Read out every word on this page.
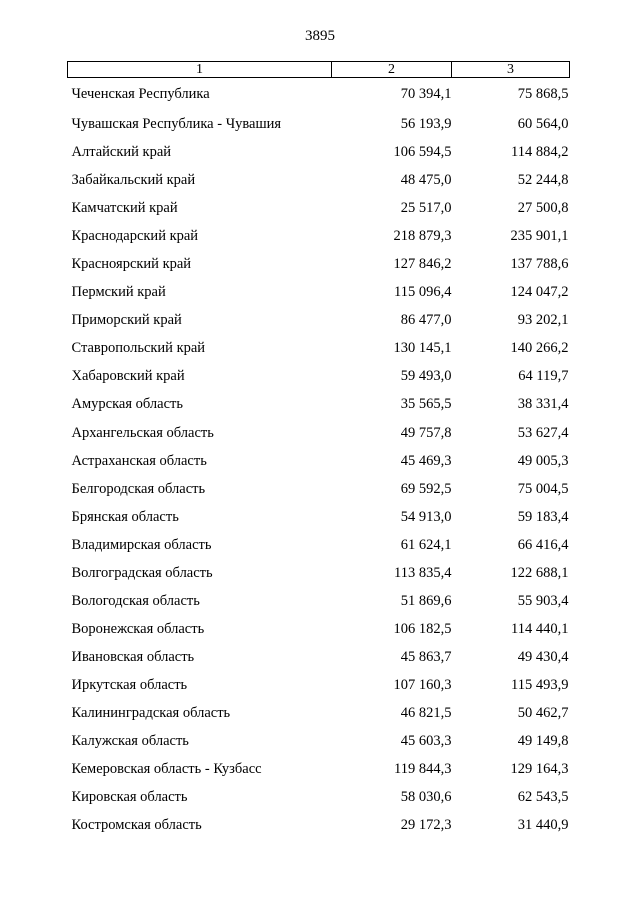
3895
1	2	3
Чеченская Республика	70 394,1	75 868,5
Чувашская Республика - Чувашия	56 193,9	60 564,0
Алтайский край	106 594,5	114 884,2
Забайкальский край	48 475,0	52 244,8
Камчатский край	25 517,0	27 500,8
Краснодарский край	218 879,3	235 901,1
Красноярский край	127 846,2	137 788,6
Пермский край	115 096,4	124 047,2
Приморский край	86 477,0	93 202,1
Ставропольский край	130 145,1	140 266,2
Хабаровский край	59 493,0	64 119,7
Амурская область	35 565,5	38 331,4
Архангельская область	49 757,8	53 627,4
Астраханская область	45 469,3	49 005,3
Белгородская область	69 592,5	75 004,5
Брянская область	54 913,0	59 183,4
Владимирская область	61 624,1	66 416,4
Волгоградская область	113 835,4	122 688,1
Вологодская область	51 869,6	55 903,4
Воронежская область	106 182,5	114 440,1
Ивановская область	45 863,7	49 430,4
Иркутская область	107 160,3	115 493,9
Калининградская область	46 821,5	50 462,7
Калужская область	45 603,3	49 149,8
Кемеровская область - Кузбасс	119 844,3	129 164,3
Кировская область	58 030,6	62 543,5
Костромская область	29 172,3	31 440,9
